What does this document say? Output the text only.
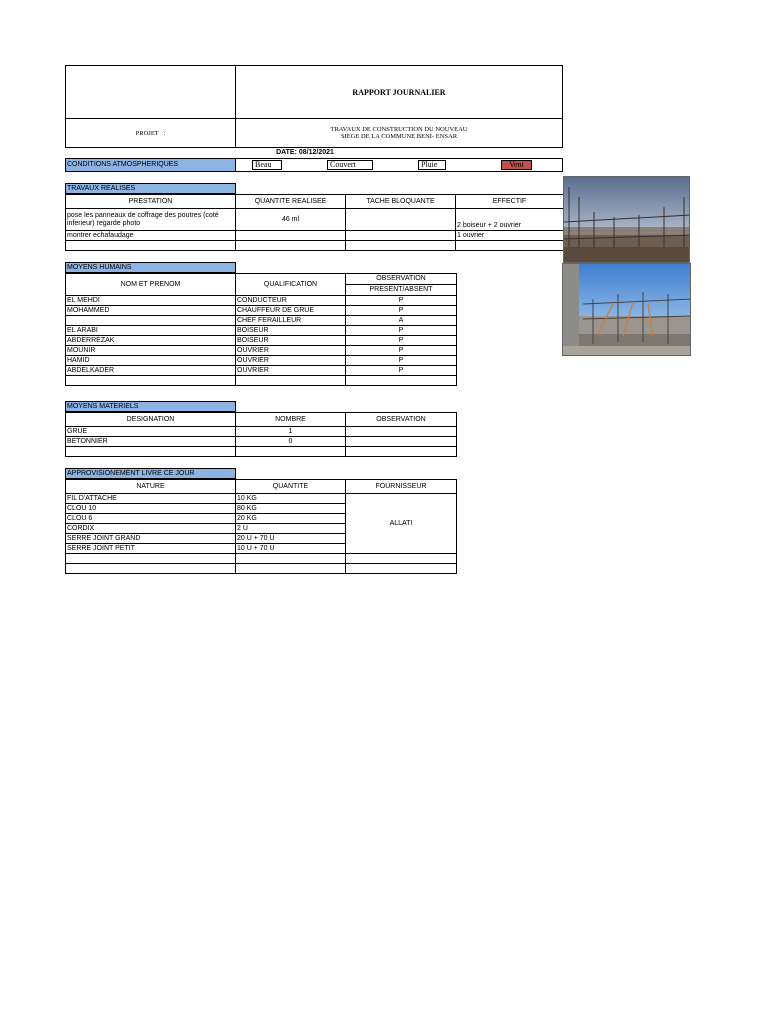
RAPPORT JOURNALIER
PROJET   :	TRAVAUX DE CONSTRUCTION DU NOUVEAU
SIEGE DE LA COMMUNE BENI- ENSAR
DATE: 08/12/2021
CONDITIONS ATMOSPHERIQUES	Beau	Couvert	Pluie	Vent
TRAVAUX REALISES
PRESTATION	QUANTITE REALISEE	TACHE BLOQUANTE	EFFECTIF
pose les panneaux de coffrage des poutres (coté inferieur) regarde photo	46 ml		2 boiseur + 2 ouvrier
montrer echafaudage			1 ouvrier

MOYENS HUMAINS
NOM ET PRENOM	QUALIFICATION	OBSERVATION
		PRESENT/ABSENT
EL MEHDI	CONDUCTEUR	P
MOHAMMED	CHAUFFEUR DE GRUE	P
	CHEF FERAILLEUR	A
EL ARABI	BOISEUR	P
ABDERREZAK	BOISEUR	P
MOUNIR	OUVRIER	P
HAMID	OUVRIER	P
ABDELKADER	OUVRIER	P

MOYENS MATERIELS
DESIGNATION	NOMBRE	OBSERVATION
GRUE	1	
BETONNIER	0	

APPROVISIONEMENT LIVRE CE JOUR
NATURE	QUANTITE	FOURNISSEUR
FIL D'ATTACHE	10 KG	ALLATI
CLOU 10	80 KG	
CLOU 6	20 KG	
CORDIX	2 U	
SERRE JOINT GRAND	20 U + 70 U	
SERRE JOINT PETIT	10 U + 70 U	
